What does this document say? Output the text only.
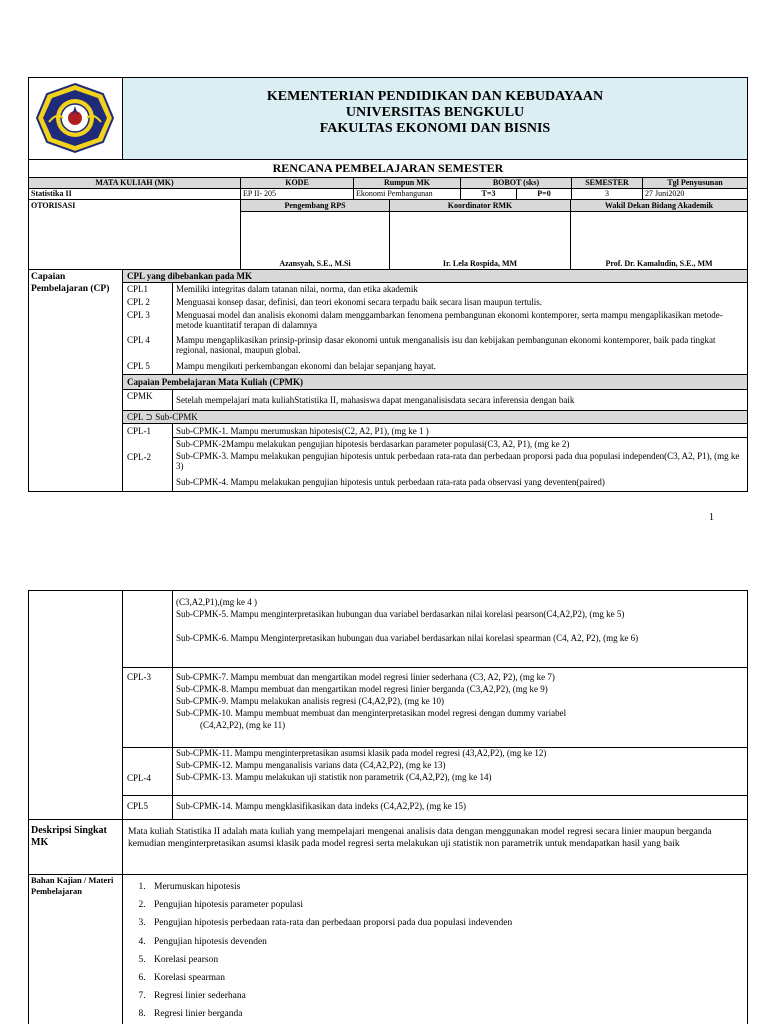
KEMENTERIAN PENDIDIKAN DAN KEBUDAYAAN
UNIVERSITAS BENGKULU
FAKULTAS EKONOMI DAN BISNIS
RENCANA PEMBELAJARAN SEMESTER
MATA KULIAH (MK)	KODE	Rumpun MK	BOBOT (sks)	SEMESTER	Tgl Penyusunan
Statistika II	EP II- 205	Ekonomi Pembangunan	T=3	P=0	3	27 Juni2020
OTORISASI	Pengembang RPS	Koordinator RMK	Wakil Dekan Bidang Akademik
Azansyah, S.E., M.Si	Ir. Lela Rospida, MM	Prof. Dr. Kamaludin, S.E., MM
Capaian Pembelajaran (CP)
CPL yang dibebankan pada MK
CPL1	Memiliki integritas dalam tatanan nilai, norma, dan etika akademik
CPL 2	Menguasai konsep dasar, definisi, dan teori ekonomi secara terpadu baik secara lisan maupun tertulis.
CPL 3	Menguasai model dan analisis ekonomi dalam menggambarkan fenomena pembangunan ekonomi kontemporer, serta mampu mengaplikasikan metode-metode kuantitatif terapan di dalamnya
CPL 4	Mampu mengaplikasikan prinsip-prinsip dasar ekonomi untuk menganalisis isu dan kebijakan pembangunan ekonomi kontemporer, baik pada tingkat regional, nasional, maupun global.
CPL 5	Mampu mengikuti perkembangan ekonomi dan belajar sepanjang hayat.
Capaian Pembelajaran Mata Kuliah (CPMK)
CPMK	Setelah mempelajari mata kuliahStatistika II, mahasiswa dapat menganalisisdata secara inferensia dengan baik
CPL ⊃ Sub-CPMK
CPL-1	Sub-CPMK-1. Mampu merumuskan hipotesis(C2, A2, P1), (mg ke 1 )
Sub-CPMK-2Mampu melakukan pengujian hipotesis berdasarkan parameter populasi(C3, A2, P1), (mg ke 2)
CPL-2	Sub-CPMK-3. Mampu melakukan pengujian hipotesis untuk perbedaan rata-rata dan perbedaan proporsi pada dua populasi independen(C3, A2, P1), (mg ke 3)
Sub-CPMK-4. Mampu melakukan pengujian hipotesis untuk perbedaan rata-rata pada observasi yang deventen(paired)
1
(C3,A2,P1),(mg ke 4 )
Sub-CPMK-5. Mampu menginterpretasikan hubungan dua variabel berdasarkan nilai korelasi pearson(C4,A2,P2), (mg ke 5)
Sub-CPMK-6. Mampu Menginterpretasikan hubungan dua variabel berdasarkan nilai korelasi spearman (C4, A2, P2), (mg ke 6)
CPL-3	Sub-CPMK-7. Mampu membuat dan mengartikan model regresi linier sederhana (C3, A2, P2), (mg ke 7)
Sub-CPMK-8. Mampu membuat dan mengartikan model regresi linier berganda (C3,A2,P2), (mg ke 9)
Sub-CPMK-9. Mampu melakukan analisis regresi (C4,A2,P2), (mg ke 10)
Sub-CPMK-10. Mampu membuat membuat dan menginterpretasikan model regresi dengan dummy variabel
(C4,A2,P2), (mg ke 11)
Sub-CPMK-11. Mampu menginterpretasikan asumsi klasik pada model regresi (43,A2,P2), (mg ke 12)
Sub-CPMK-12. Mampu menganalisis varians data (C4,A2,P2), (mg ke 13)
CPL-4	Sub-CPMK-13. Mampu melakukan uji statistik non parametrik (C4,A2,P2), (mg ke 14)
CPL5	Sub-CPMK-14. Mampu mengklasifikasikan data indeks (C4,A2,P2), (mg ke 15)
Deskripsi Singkat MK
Mata kuliah Statistika II adalah mata kuliah yang mempelajari mengenai analisis data dengan menggunakan model regresi secara linier maupun berganda kemudian menginterpretasikan asumsi klasik pada model regresi serta melakukan uji statistik non parametrik untuk mendapatkan hasil yang baik
Bahan Kajian / Materi Pembelajaran
1.	Merumuskan hipotesis
2. Pengujian hipotesis parameter populasi
3. Pengujian hipotesis perbedaan rata-rata dan perbedaan proporsi pada dua populasi indevenden
4. Pengujian hipotesis devenden
5. Korelasi pearson
6. Korelasi spearman
7. Regresi linier sederhana
8. Regresi linier berganda
